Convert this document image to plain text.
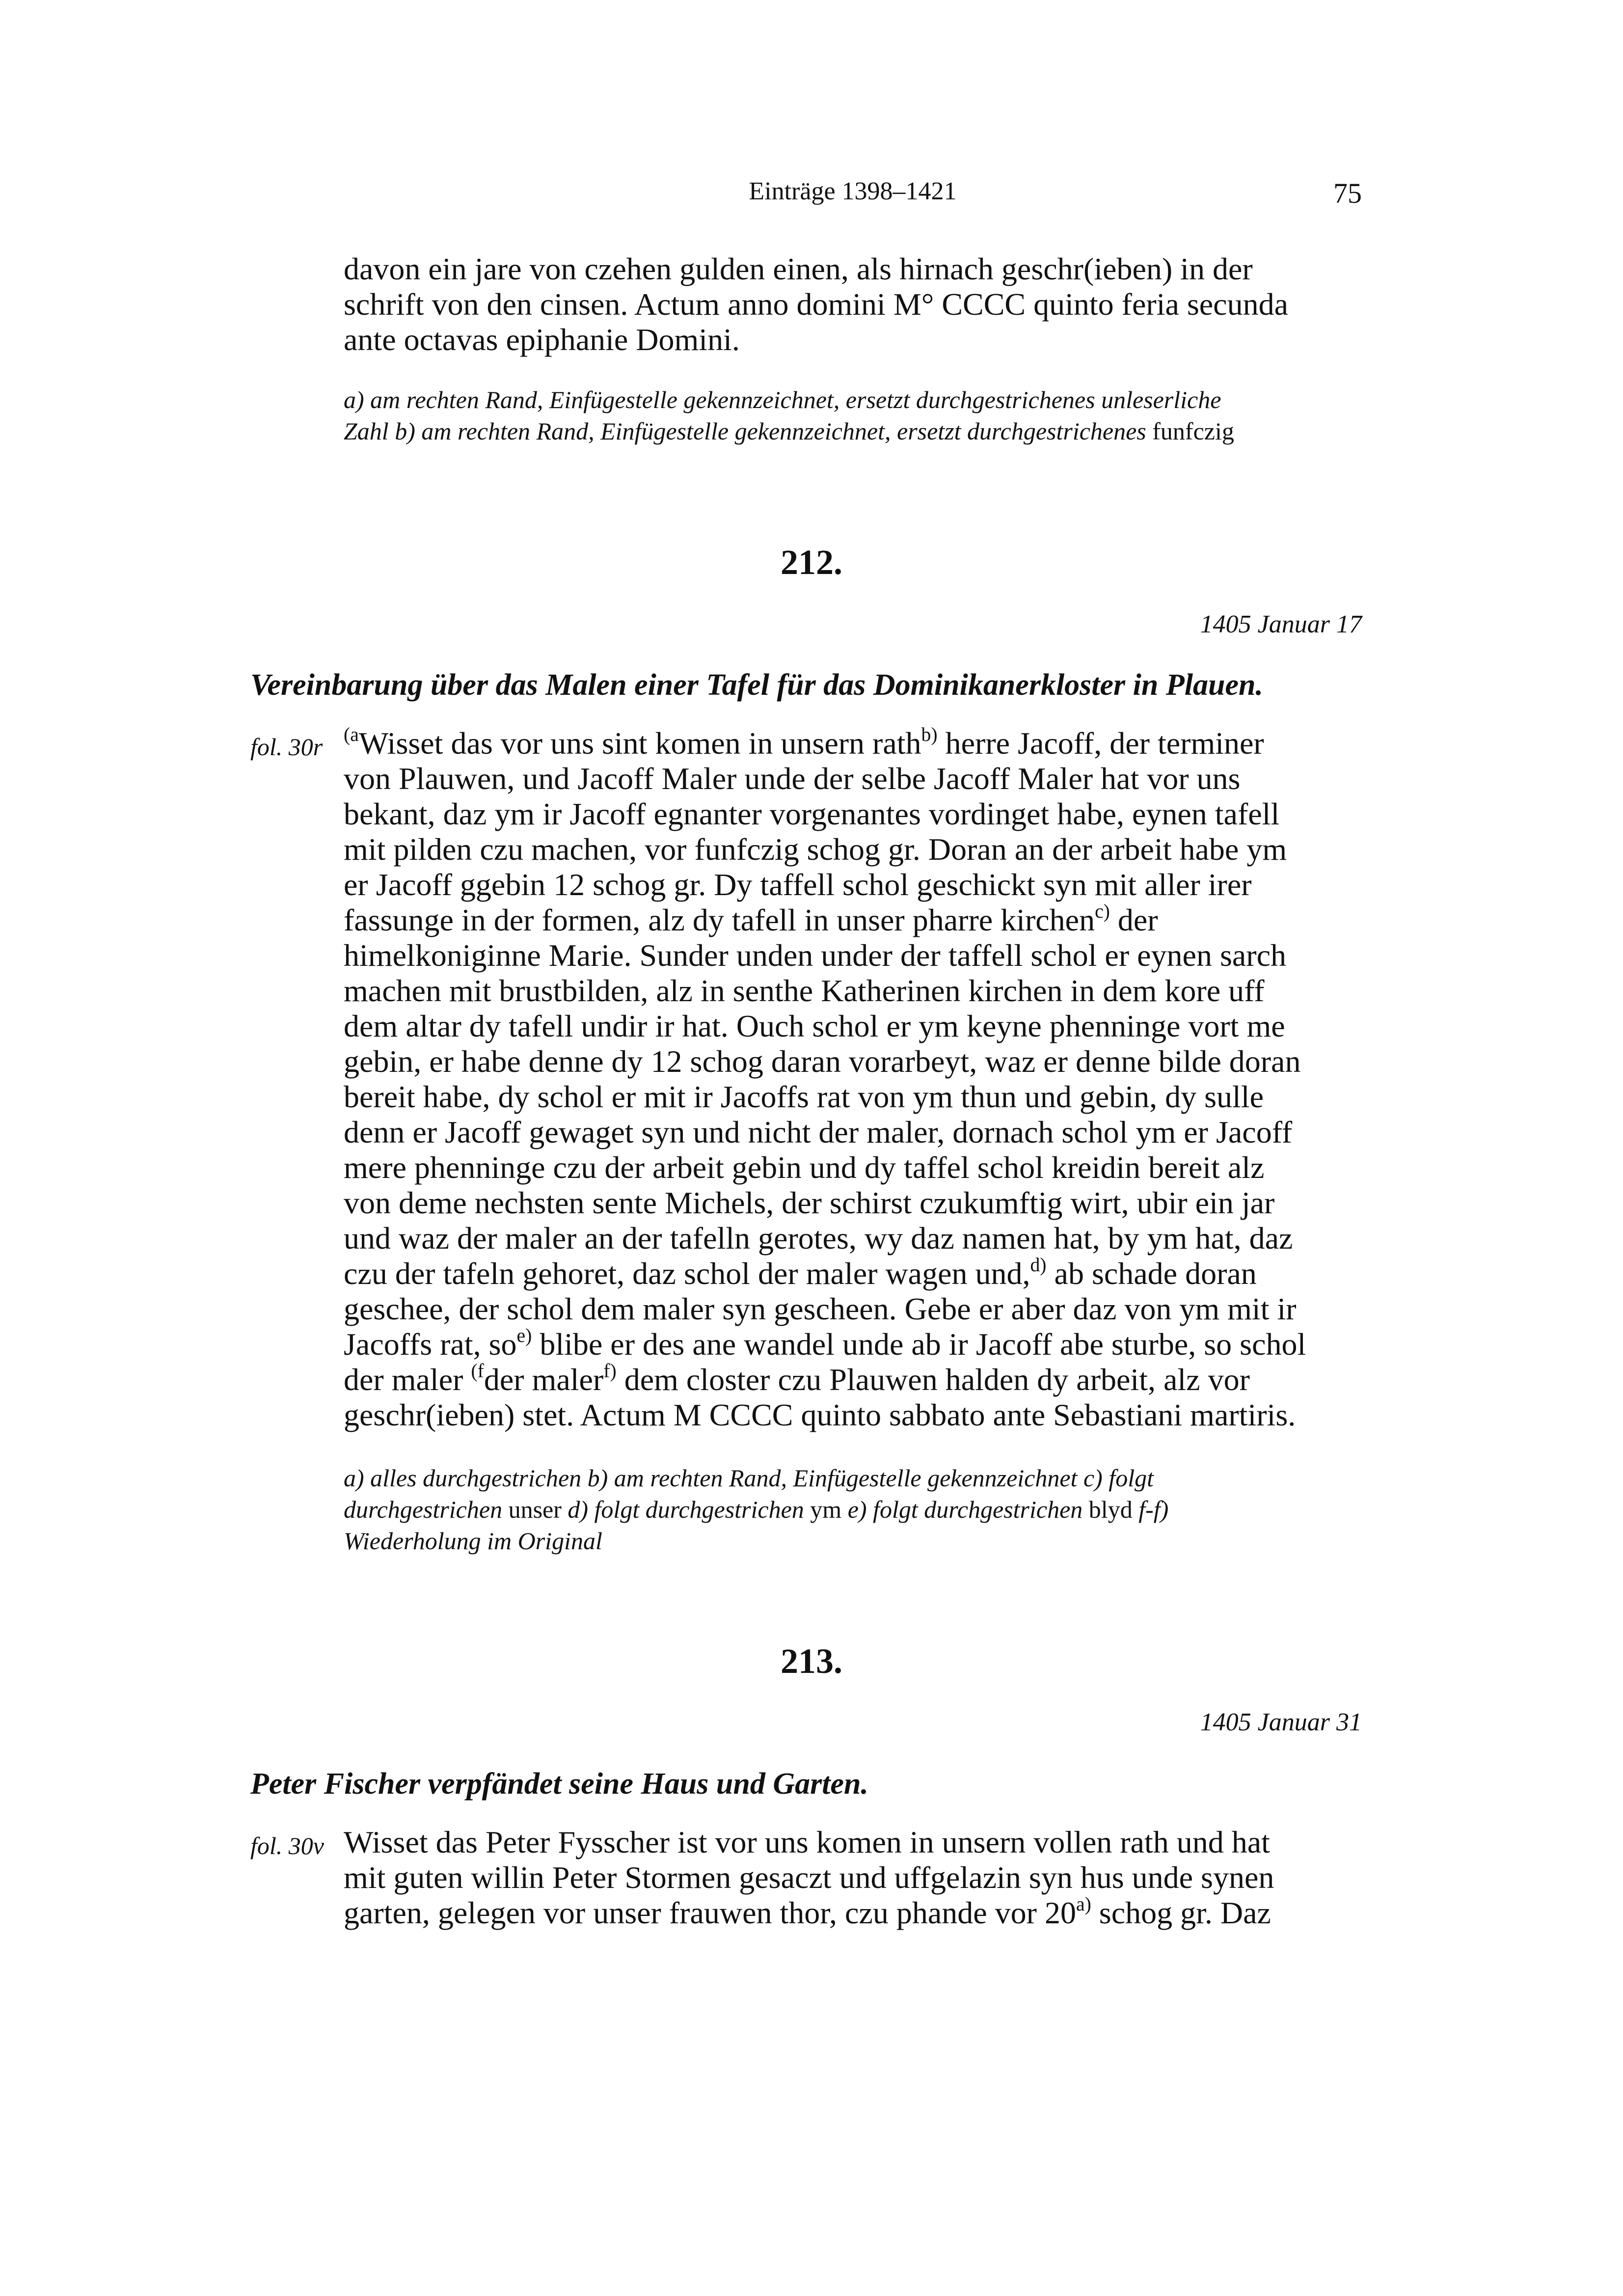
Einträge 1398–1421	75

davon ein jare von czehen gulden einen, als hirnach geschr(ieben) in der

schrift von den cinsen. Actum anno domini M° CCCC quinto feria secunda

ante octavas epiphanie Domini.

a) am rechten Rand, Einfügestelle gekennzeichnet, ersetzt durchgestrichenes unleserliche
Zahl b) am rechten Rand, Einfügestelle gekennzeichnet, ersetzt durchgestrichenes funfczig
212.
1405 Januar 17
Vereinbarung über das Malen einer Tafel für das Dominikanerkloster in Plauen.
fol. 30r $^{(a}$Wisset das vor uns sint komen in unsern rath$^{b)}$ herre Jacoff, der terminer

von Plauwen, und Jacoff Maler unde der selbe Jacoff Maler hat vor uns

bekant, daz ym ir Jacoff egnanter vorgenantes vordinget habe, eynen tafell

mit pilden czu machen, vor funfczig schog gr. Doran an der arbeit habe ym

er Jacoff ggebin 12 schog gr. Dy taffell schol geschickt syn mit aller irer

fassunge in der formen, alz dy tafell in unser pharre kirchen$^{c)}$ der

himelkoniginne Marie. Sunder unden under der taffell schol er eynen sarch

machen mit brustbilden, alz in senthe Katherinen kirchen in dem kore uff

dem altar dy tafell undir ir hat. Ouch schol er ym keyne phenninge vort me

gebin, er habe denne dy 12 schog daran vorarbeyt, waz er denne bilde doran

bereit habe, dy schol er mit ir Jacoffs rat von ym thun und gebin, dy sulle

denn er Jacoff gewaget syn und nicht der maler, dornach schol ym er Jacoff

mere phenninge czu der arbeit gebin und dy taffel schol kreidin bereit alz

von deme nechsten sente Michels, der schirst czukumftig wirt, ubir ein jar

und waz der maler an der tafelln gerotes, wy daz namen hat, by ym hat, daz

czu der tafeln gehoret, daz schol der maler wagen und,$^{d)}$ ab schade doran

geschee, der schol dem maler syn gescheen. Gebe er aber daz von ym mit ir

Jacoffs rat, $so^{e)}$ blibe er des ane wandel unde ab ir Jacoff abe sturbe, so schol

der maler $^{(f}$der maler$^{f)}$ dem closter czu Plauwen halden dy arbeit, alz vor

geschr(ieben) stet. Actum M CCCC quinto sabbato ante Sebastiani martiris.

a) alles durchgestrichen b) am rechten Rand, Einfügestelle gekennzeichnet c) folgt
durchgestrichen unser d) folgt durchgestrichen ym e) folgt durchgestrichen blyd f-f)
Wiederholung im Original
213.
1405 Januar 31
Peter Fischer verpfändet seine Haus und Garten.
fol. 30v Wisset das Peter Fysscher ist vor uns komen in unsern vollen rath und hat

mit guten willin Peter Stormen gesaczt und uffgelazin syn hus unde synen

garten, gelegen vor unser frauwen thor, czu phande vor 20$^{a)}$ schog gr. Daz
